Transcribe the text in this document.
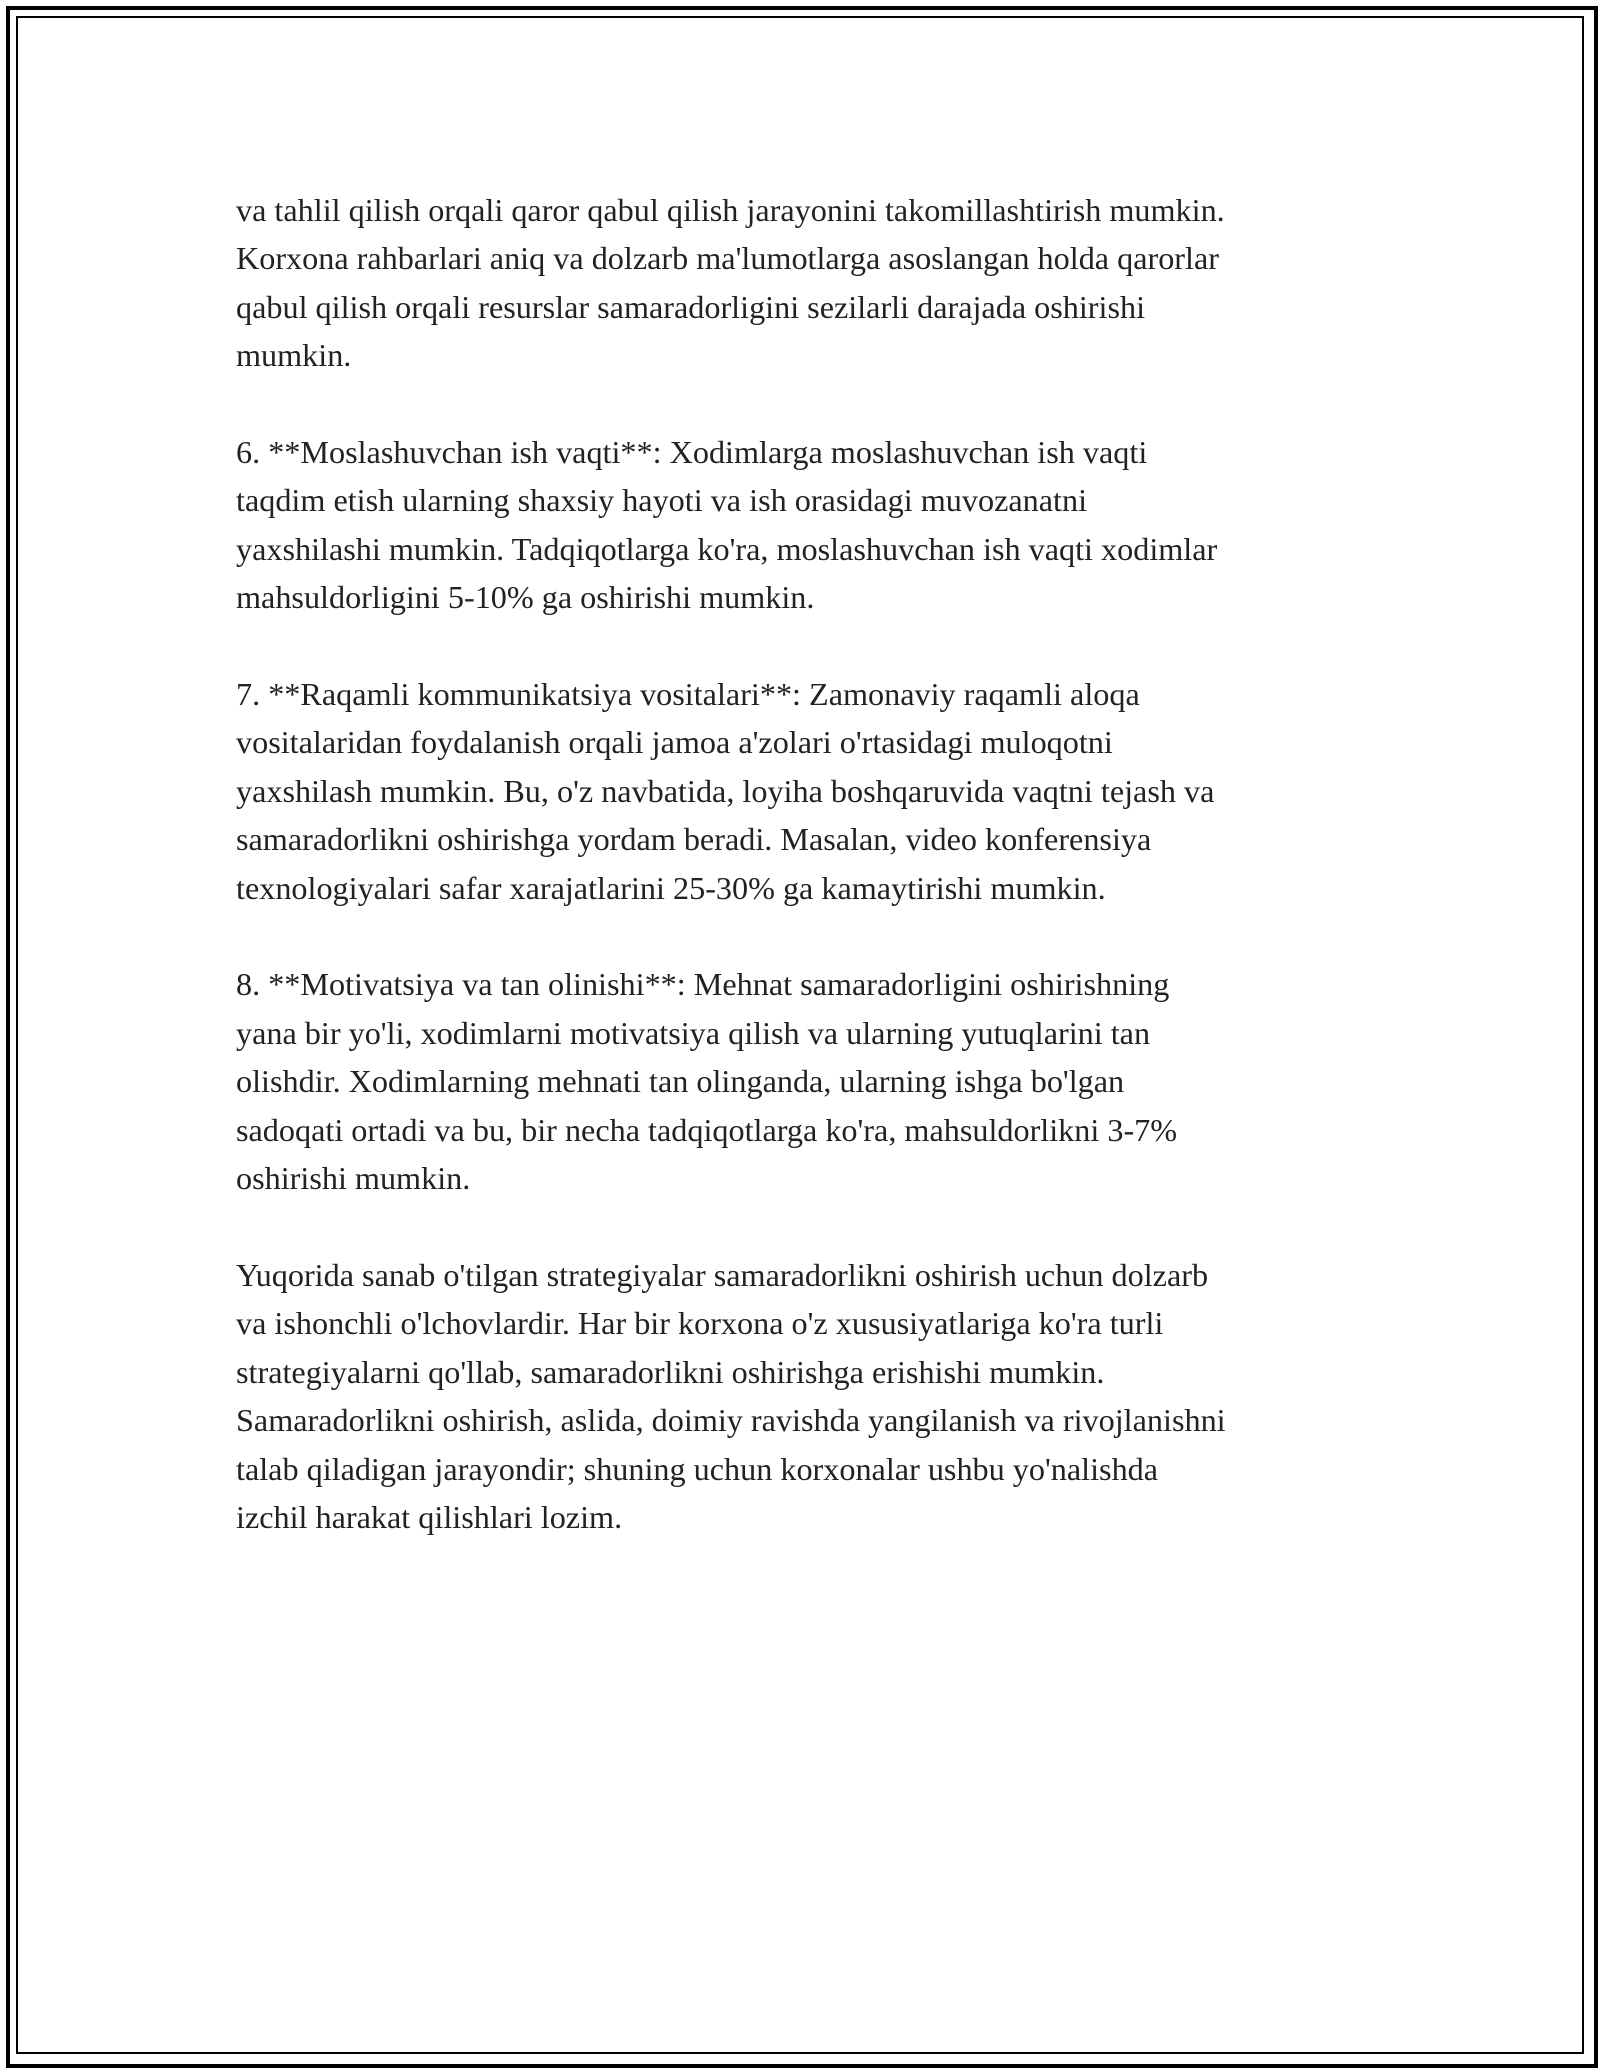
va tahlil qilish orqali qaror qabul qilish jarayonini takomillashtirish mumkin.
Korxona rahbarlari aniq va dolzarb ma'lumotlarga asoslangan holda qarorlar
qabul qilish orqali resurslar samaradorligini sezilarli darajada oshirishi
mumkin.

6. **Moslashuvchan ish vaqti**: Xodimlarga moslashuvchan ish vaqti
taqdim etish ularning shaxsiy hayoti va ish orasidagi muvozanatni
yaxshilashi mumkin. Tadqiqotlarga ko'ra, moslashuvchan ish vaqti xodimlar
mahsuldorligini 5-10% ga oshirishi mumkin.

7. **Raqamli kommunikatsiya vositalari**: Zamonaviy raqamli aloqa
vositalaridan foydalanish orqali jamoa a'zolari o'rtasidagi muloqotni
yaxshilash mumkin. Bu, o'z navbatida, loyiha boshqaruvida vaqtni tejash va
samaradorlikni oshirishga yordam beradi. Masalan, video konferensiya
texnologiyalari safar xarajatlarini 25-30% ga kamaytirishi mumkin.

8. **Motivatsiya va tan olinishi**: Mehnat samaradorligini oshirishning
yana bir yo'li, xodimlarni motivatsiya qilish va ularning yutuqlarini tan
olishdir. Xodimlarning mehnati tan olinganda, ularning ishga bo'lgan
sadoqati ortadi va bu, bir necha tadqiqotlarga ko'ra, mahsuldorlikni 3-7%
oshirishi mumkin.

Yuqorida sanab o'tilgan strategiyalar samaradorlikni oshirish uchun dolzarb
va ishonchli o'lchovlardir. Har bir korxona o'z xususiyatlariga ko'ra turli
strategiyalarni qo'llab, samaradorlikni oshirishga erishishi mumkin.
Samaradorlikni oshirish, aslida, doimiy ravishda yangilanish va rivojlanishni
talab qiladigan jarayondir; shuning uchun korxonalar ushbu yo'nalishda
izchil harakat qilishlari lozim.
